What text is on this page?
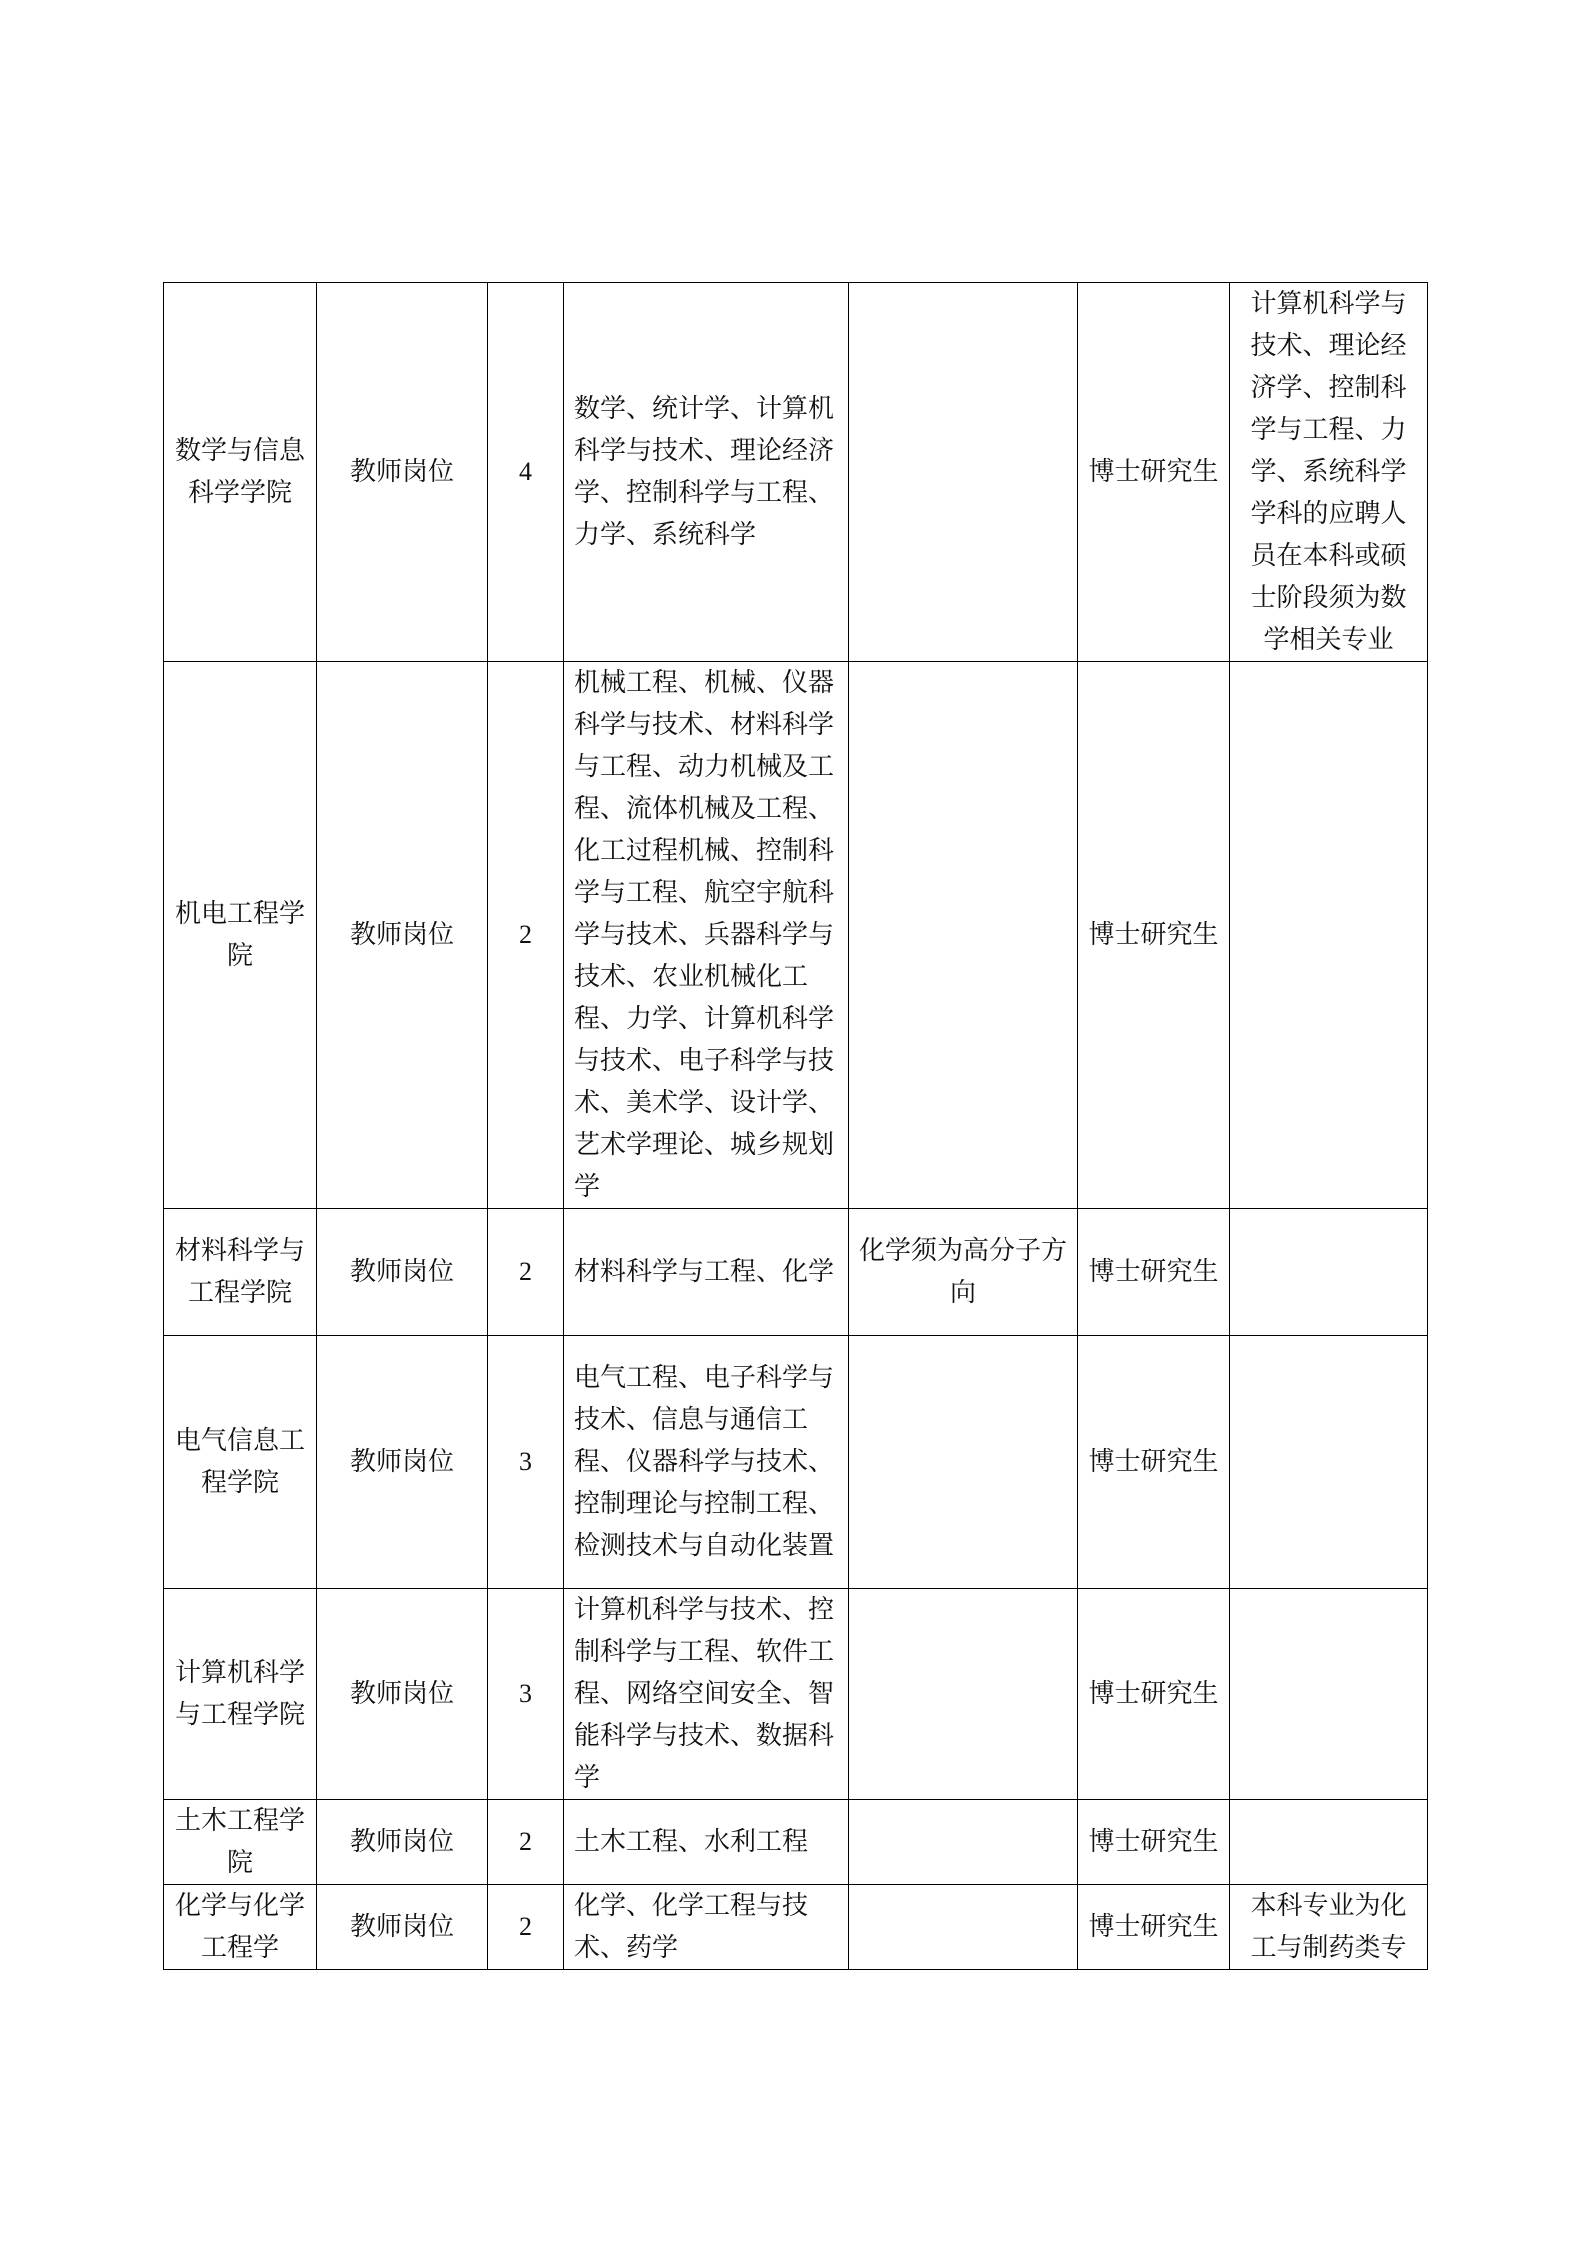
数学与信息科学学院	教师岗位	4	数学、统计学、计算机科学与技术、理论经济学、控制科学与工程、力学、系统科学		博士研究生	计算机科学与技术、理论经济学、控制科学与工程、力学、系统科学学科的应聘人员在本科或硕士阶段须为数学相关专业
机电工程学院	教师岗位	2	机械工程、机械、仪器科学与技术、材料科学与工程、动力机械及工程、流体机械及工程、化工过程机械、控制科学与工程、航空宇航科学与技术、兵器科学与技术、农业机械化工程、力学、计算机科学与技术、电子科学与技术、美术学、设计学、艺术学理论、城乡规划学		博士研究生	
材料科学与工程学院	教师岗位	2	材料科学与工程、化学	化学须为高分子方向	博士研究生	
电气信息工程学院	教师岗位	3	电气工程、电子科学与技术、信息与通信工程、仪器科学与技术、控制理论与控制工程、检测技术与自动化装置		博士研究生	
计算机科学与工程学院	教师岗位	3	计算机科学与技术、控制科学与工程、软件工程、网络空间安全、智能科学与技术、数据科学		博士研究生	
土木工程学院	教师岗位	2	土木工程、水利工程		博士研究生	
化学与化学工程学	教师岗位	2	化学、化学工程与技术、药学		博士研究生	本科专业为化工与制药类专
